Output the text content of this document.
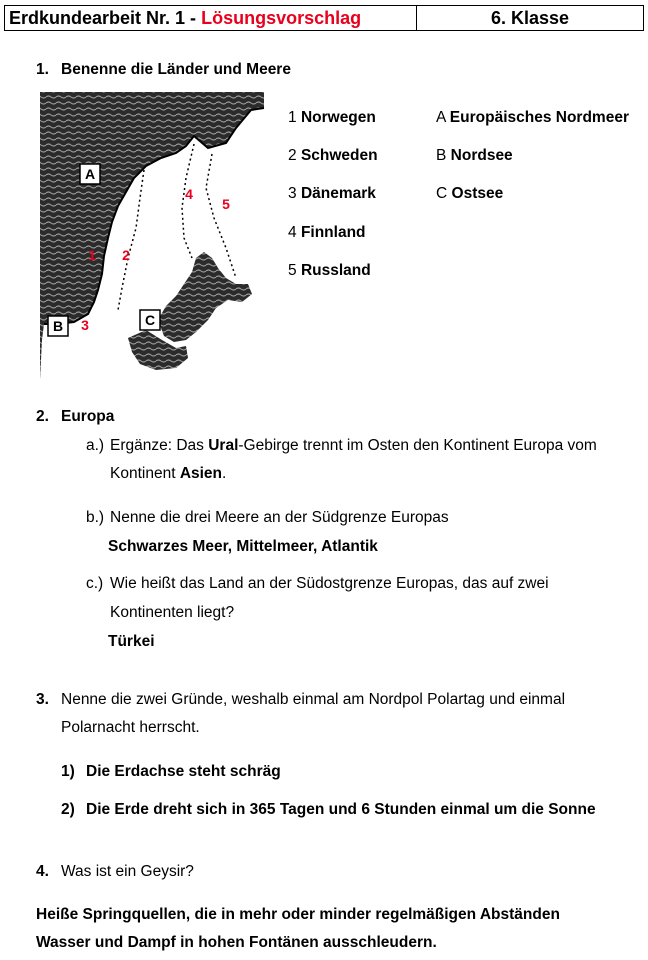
Erdkundearbeit Nr. 1 - Lösungsvorschlag	6. Klasse
1. Benenne die Länder und Meere
A
B	C
1 2
3
4
5
1 Norwegen
2 Schweden
3 Dänemark
4 Finnland
5 Russland
A Europäisches Nordmeer
B Nordsee
C Ostsee
2. Europa
a.) Ergänze: Das Ural-Gebirge trennt im Osten den Kontinent Europa vom
Kontinent Asien.
b.) Nenne die drei Meere an der Südgrenze Europas
Schwarzes Meer, Mittelmeer, Atlantik
c.) Wie heißt das Land an der Südostgrenze Europas, das auf zwei
Kontinenten liegt?
Türkei
3. Nenne die zwei Gründe, weshalb einmal am Nordpol Polartag und einmal
Polarnacht herrscht.
1) Die Erdachse steht schräg
2) Die Erde dreht sich in 365 Tagen und 6 Stunden einmal um die Sonne
4. Was ist ein Geysir?
Heiße Springquellen, die in mehr oder minder regelmäßigen Abständen
Wasser und Dampf in hohen Fontänen ausschleudern.
